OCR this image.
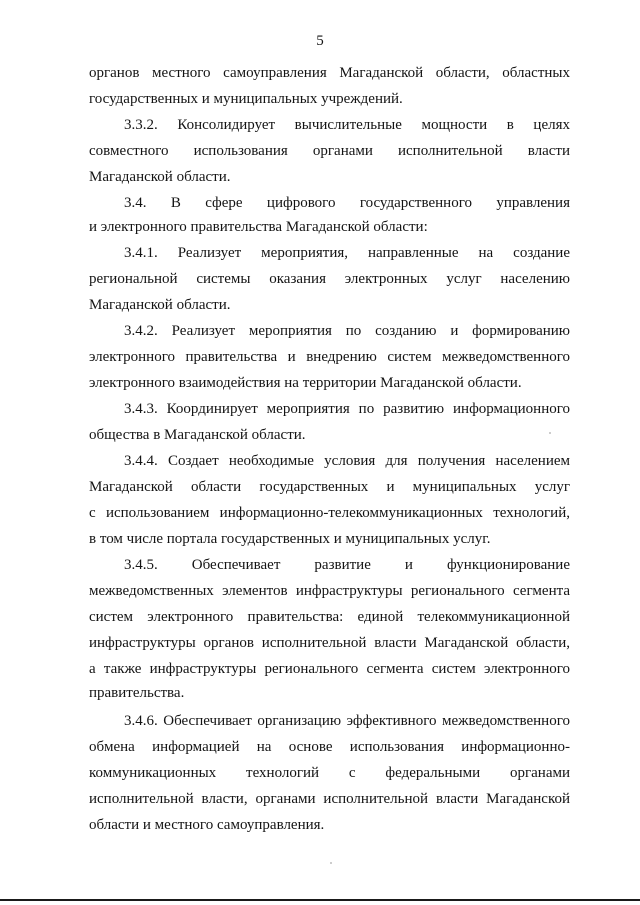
5
органов местного самоуправления Магаданской области, областных
государственных и муниципальных учреждений.
3.3.2. Консолидирует вычислительные мощности в целях
совместного использования органами исполнительной власти
Магаданской области.
3.4. В сфере цифрового государственного управления
и электронного правительства Магаданской области:
3.4.1. Реализует мероприятия, направленные на создание
региональной системы оказания электронных услуг населению
Магаданской области.
3.4.2. Реализует мероприятия по созданию и формированию
электронного правительства и внедрению систем межведомственного
электронного взаимодействия на территории Магаданской области.
3.4.3. Координирует мероприятия по развитию информационного
общества в Магаданской области.
3.4.4. Создает необходимые условия для получения населением
Магаданской области государственных и муниципальных услуг
с использованием информационно-телекоммуникационных технологий,
в том числе портала государственных и муниципальных услуг.
3.4.5. Обеспечивает развитие и функционирование
межведомственных элементов инфраструктуры регионального сегмента
систем электронного правительства: единой телекоммуникационной
инфраструктуры органов исполнительной власти Магаданской области,
а также инфраструктуры регионального сегмента систем электронного
правительства.
3.4.6. Обеспечивает организацию эффективного межведомственного
обмена информацией на основе использования информационно-
коммуникационных технологий с федеральными органами
исполнительной власти, органами исполнительной власти Магаданской
области и местного самоуправления.
